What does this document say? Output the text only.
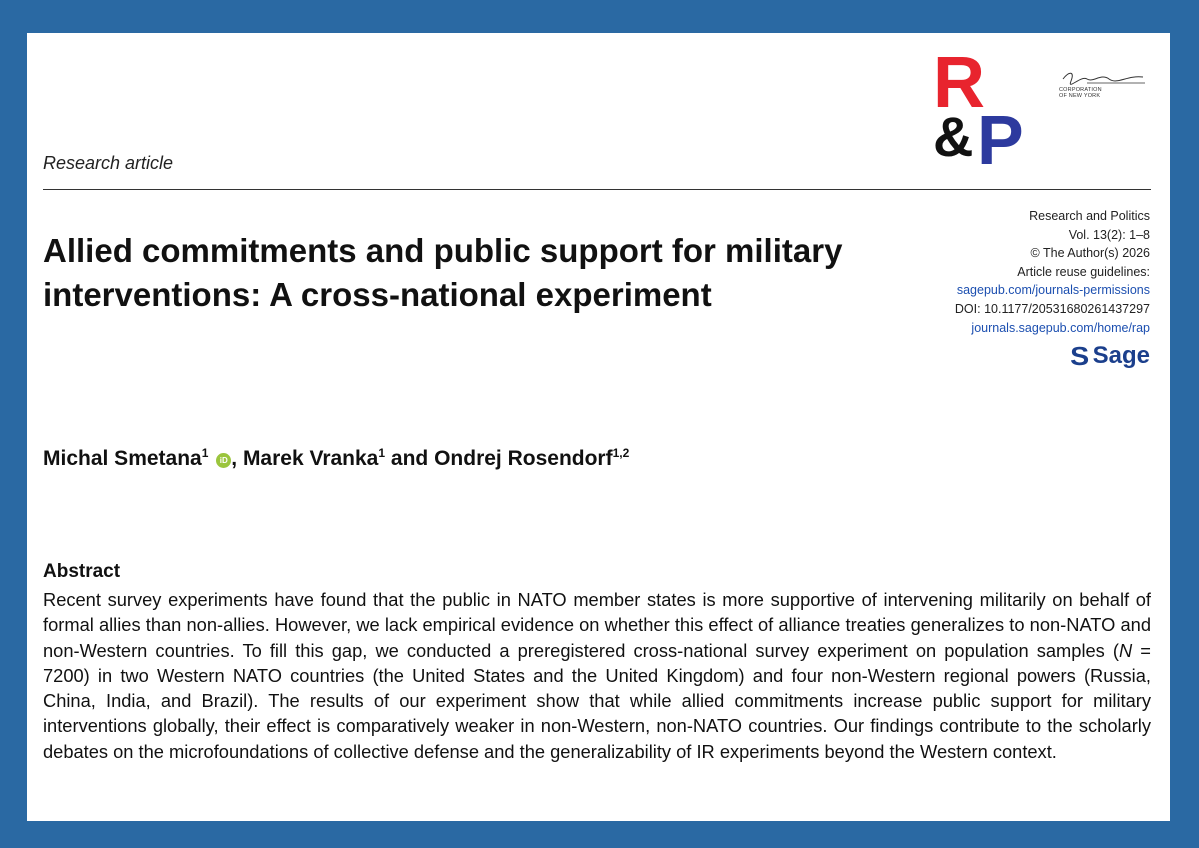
R
& P
CORPORATION
OF NEW YORK
Research article
Research and Politics
Vol. 13(2): 1–8
© The Author(s) 2026
Article reuse guidelines:
sagepub.com/journals-permissions
DOI: 10.1177/20531680261437297
journals.sagepub.com/home/rap
S Sage
Allied commitments and public support for military interventions: A cross-national experiment
Michal Smetana$^1$ iD , Marek Vranka$^1$ and Ondrej Rosendorf$^{1,2}$
Abstract
Recent survey experiments have found that the public in NATO member states is more supportive of intervening militarily on behalf of formal allies than non-allies. However, we lack empirical evidence on whether this effect of alliance treaties generalizes to non-NATO and non-Western countries. To fill this gap, we conducted a preregistered cross-national survey experiment on population samples (N = 7200) in two Western NATO countries (the United States and the United Kingdom) and four non-Western regional powers (Russia, China, India, and Brazil). The results of our experiment show that while allied commitments increase public support for military interventions globally, their effect is comparatively weaker in non-Western, non-NATO countries. Our findings contribute to the scholarly debates on the microfoundations of collective defense and the generalizability of IR experiments beyond the Western context.
